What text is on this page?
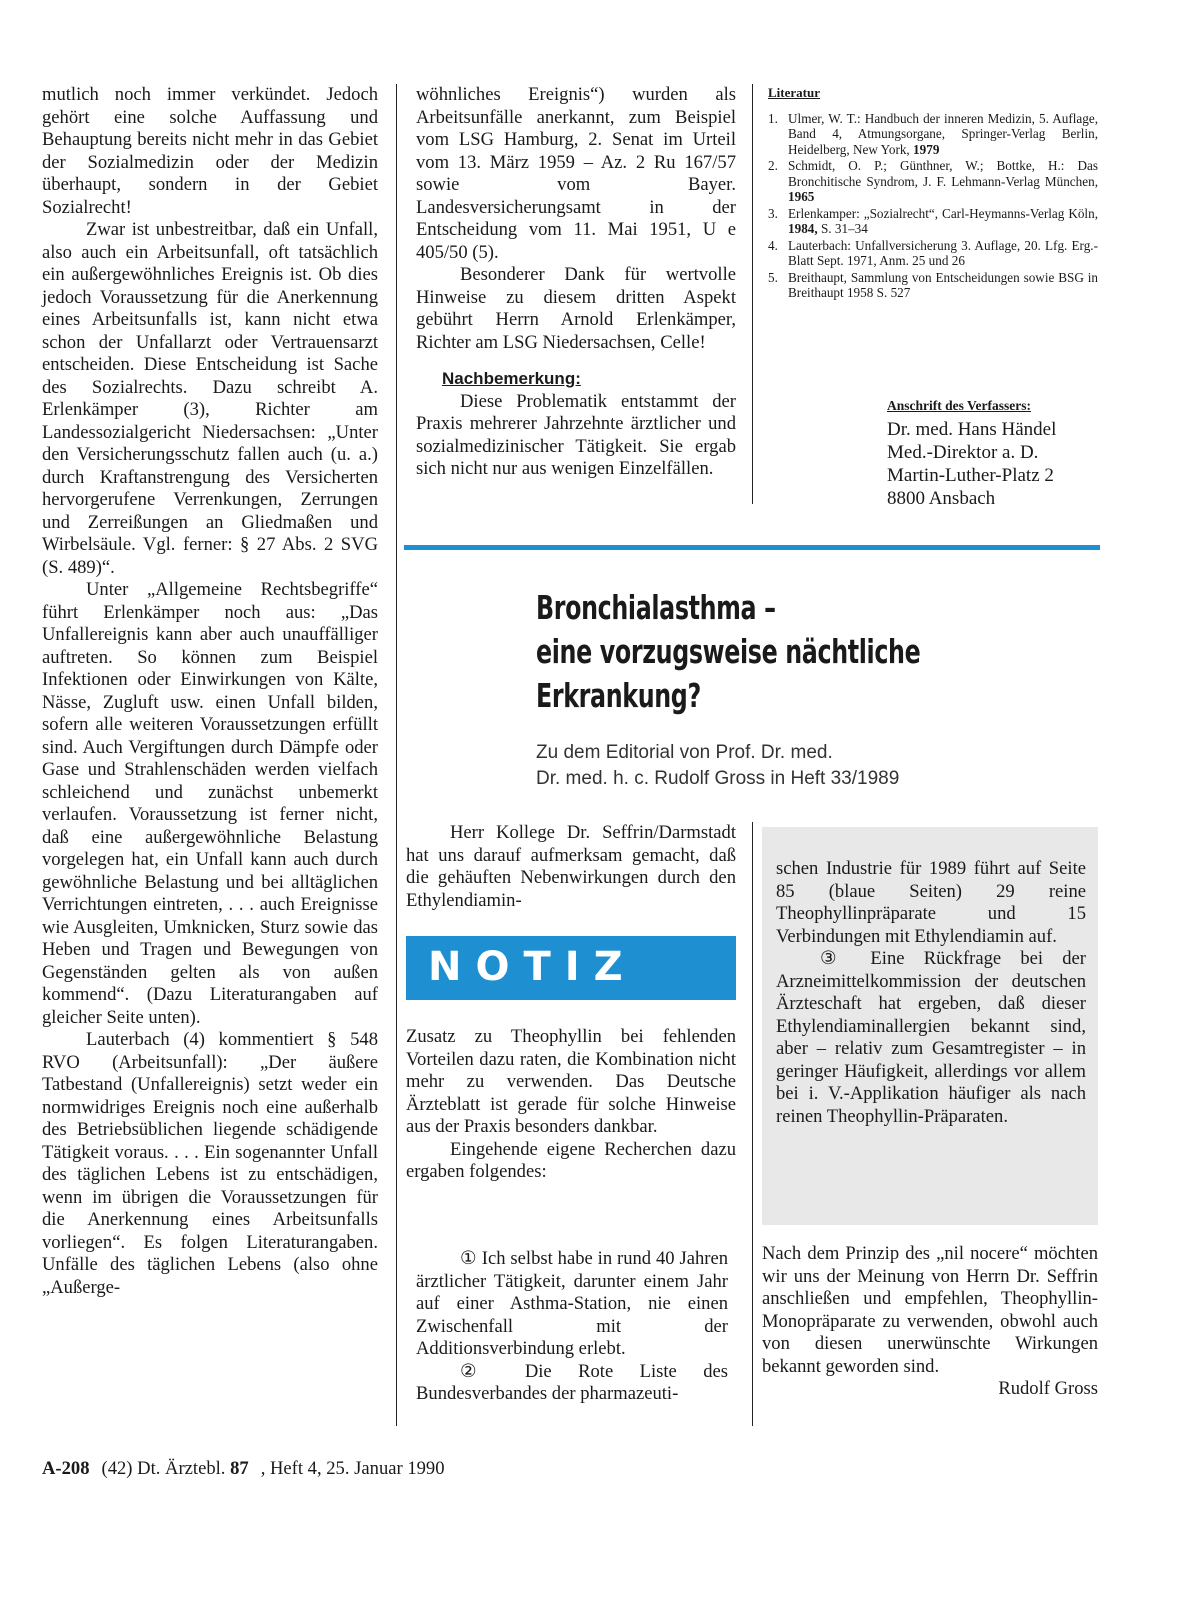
mutlich noch immer verkündet. Jedoch gehört eine solche Auffassung und Behauptung bereits nicht mehr in das Gebiet der Sozialmedizin oder der Medizin überhaupt, sondern in der Gebiet Sozialrecht!

Zwar ist unbestreitbar, daß ein Unfall, also auch ein Arbeitsunfall, oft tatsächlich ein außergewöhnliches Ereignis ist. Ob dies jedoch Voraussetzung für die Anerkennung eines Arbeitsunfalls ist, kann nicht etwa schon der Unfallarzt oder Vertrauensarzt entscheiden. Diese Entscheidung ist Sache des Sozialrechts. Dazu schreibt A. Erlenkämper (3), Richter am Landessozialgericht Niedersachsen: „Unter den Versicherungsschutz fallen auch (u. a.) durch Kraftanstrengung des Versicherten hervorgerufene Verrenkungen, Zerrungen und Zerreißungen an Gliedmaßen und Wirbelsäule. Vgl. ferner: § 27 Abs. 2 SVG (S. 489)“.

Unter „Allgemeine Rechtsbegriffe“ führt Erlenkämper noch aus: „Das Unfallereignis kann aber auch unauffälliger auftreten. So können zum Beispiel Infektionen oder Einwirkungen von Kälte, Nässe, Zugluft usw. einen Unfall bilden, sofern alle weiteren Voraussetzungen erfüllt sind. Auch Vergiftungen durch Dämpfe oder Gase und Strahlenschäden werden vielfach schleichend und zunächst unbemerkt verlaufen. Voraussetzung ist ferner nicht, daß eine außergewöhnliche Belastung vorgelegen hat, ein Unfall kann auch durch gewöhnliche Belastung und bei alltäglichen Verrichtungen eintreten, . . . auch Ereignisse wie Ausgleiten, Umknicken, Sturz sowie das Heben und Tragen und Bewegungen von Gegenständen gelten als von außen kommend“. (Dazu Literaturangaben auf gleicher Seite unten).

Lauterbach (4) kommentiert § 548 RVO (Arbeitsunfall): „Der äußere Tatbestand (Unfallereignis) setzt weder ein normwidriges Ereignis noch eine außerhalb des Betriebsüblichen liegende schädigende Tätigkeit voraus. . . . Ein sogenannter Unfall des täglichen Lebens ist zu entschädigen, wenn im übrigen die Voraussetzungen für die Anerkennung eines Arbeitsunfalls vorliegen“. Es folgen Literaturangaben. Unfälle des täglichen Lebens (also ohne „Außerge-

wöhnliches Ereignis“) wurden als Arbeitsunfälle anerkannt, zum Beispiel vom LSG Hamburg, 2. Senat im Urteil vom 13. März 1959 – Az. 2 Ru 167/57 sowie vom Bayer. Landesversicherungsamt in der Entscheidung vom 11. Mai 1951, U e 405/50 (5).

Besonderer Dank für wertvolle Hinweise zu diesem dritten Aspekt gebührt Herrn Arnold Erlenkämper, Richter am LSG Niedersachsen, Celle!

Nachbemerkung:

Diese Problematik entstammt der Praxis mehrerer Jahrzehnte ärztlicher und sozialmedizinischer Tätigkeit. Sie ergab sich nicht nur aus wenigen Einzelfällen.

Literatur
1. Ulmer, W. T.: Handbuch der inneren Medizin, 5. Auflage, Band 4, Atmungsorgane, Springer-Verlag Berlin, Heidelberg, New York, 1979
2. Schmidt, O. P.; Günthner, W.; Bottke, H.: Das Bronchitische Syndrom, J. F. Lehmann-Verlag München, 1965
3. Erlenkamper: „Sozialrecht“, Carl-Heymanns-Verlag Köln, 1984, S. 31–34
4. Lauterbach: Unfallversicherung 3. Auflage, 20. Lfg. Erg.-Blatt Sept. 1971, Anm. 25 und 26
5. Breithaupt, Sammlung von Entscheidungen sowie BSG in Breithaupt 1958 S. 527
Anschrift des Verfassers:
Dr. med. Hans Händel
Med.-Direktor a. D.
Martin-Luther-Platz 2
8800 Ansbach
Bronchialasthma –
eine vorzugsweise nächtliche
Erkrankung?
Zu dem Editorial von Prof. Dr. med.
Dr. med. h. c. Rudolf Gross in Heft 33/1989

Herr Kollege Dr. Seffrin/Darmstadt hat uns darauf aufmerksam gemacht, daß die gehäuften Nebenwirkungen durch den Ethylendiamin-

NOTIZ

Zusatz zu Theophyllin bei fehlenden Vorteilen dazu raten, die Kombination nicht mehr zu verwenden. Das Deutsche Ärzteblatt ist gerade für solche Hinweise aus der Praxis besonders dankbar.

Eingehende eigene Recherchen dazu ergaben folgendes:

① Ich selbst habe in rund 40 Jahren ärztlicher Tätigkeit, darunter einem Jahr auf einer Asthma-Station, nie einen Zwischenfall mit der Additionsverbindung erlebt.

② Die Rote Liste des Bundesverbandes der pharmazeuti-

schen Industrie für 1989 führt auf Seite 85 (blaue Seiten) 29 reine Theophyllinpräparate und 15 Verbindungen mit Ethylendiamin auf.

③ Eine Rückfrage bei der Arzneimittelkommission der deutschen Ärzteschaft hat ergeben, daß dieser Ethylendiaminallergien bekannt sind, aber – relativ zum Gesamtregister – in geringer Häufigkeit, allerdings vor allem bei i. V.-Applikation häufiger als nach reinen Theophyllin-Präparaten.

Nach dem Prinzip des „nil nocere“ möchten wir uns der Meinung von Herrn Dr. Seffrin anschließen und empfehlen, Theophyllin-Monopräparate zu verwenden, obwohl auch von diesen unerwünschte Wirkungen bekannt geworden sind.

Rudolf Gross

A-208 (42) Dt. Ärztebl. 87 , Heft 4, 25. Januar 1990
